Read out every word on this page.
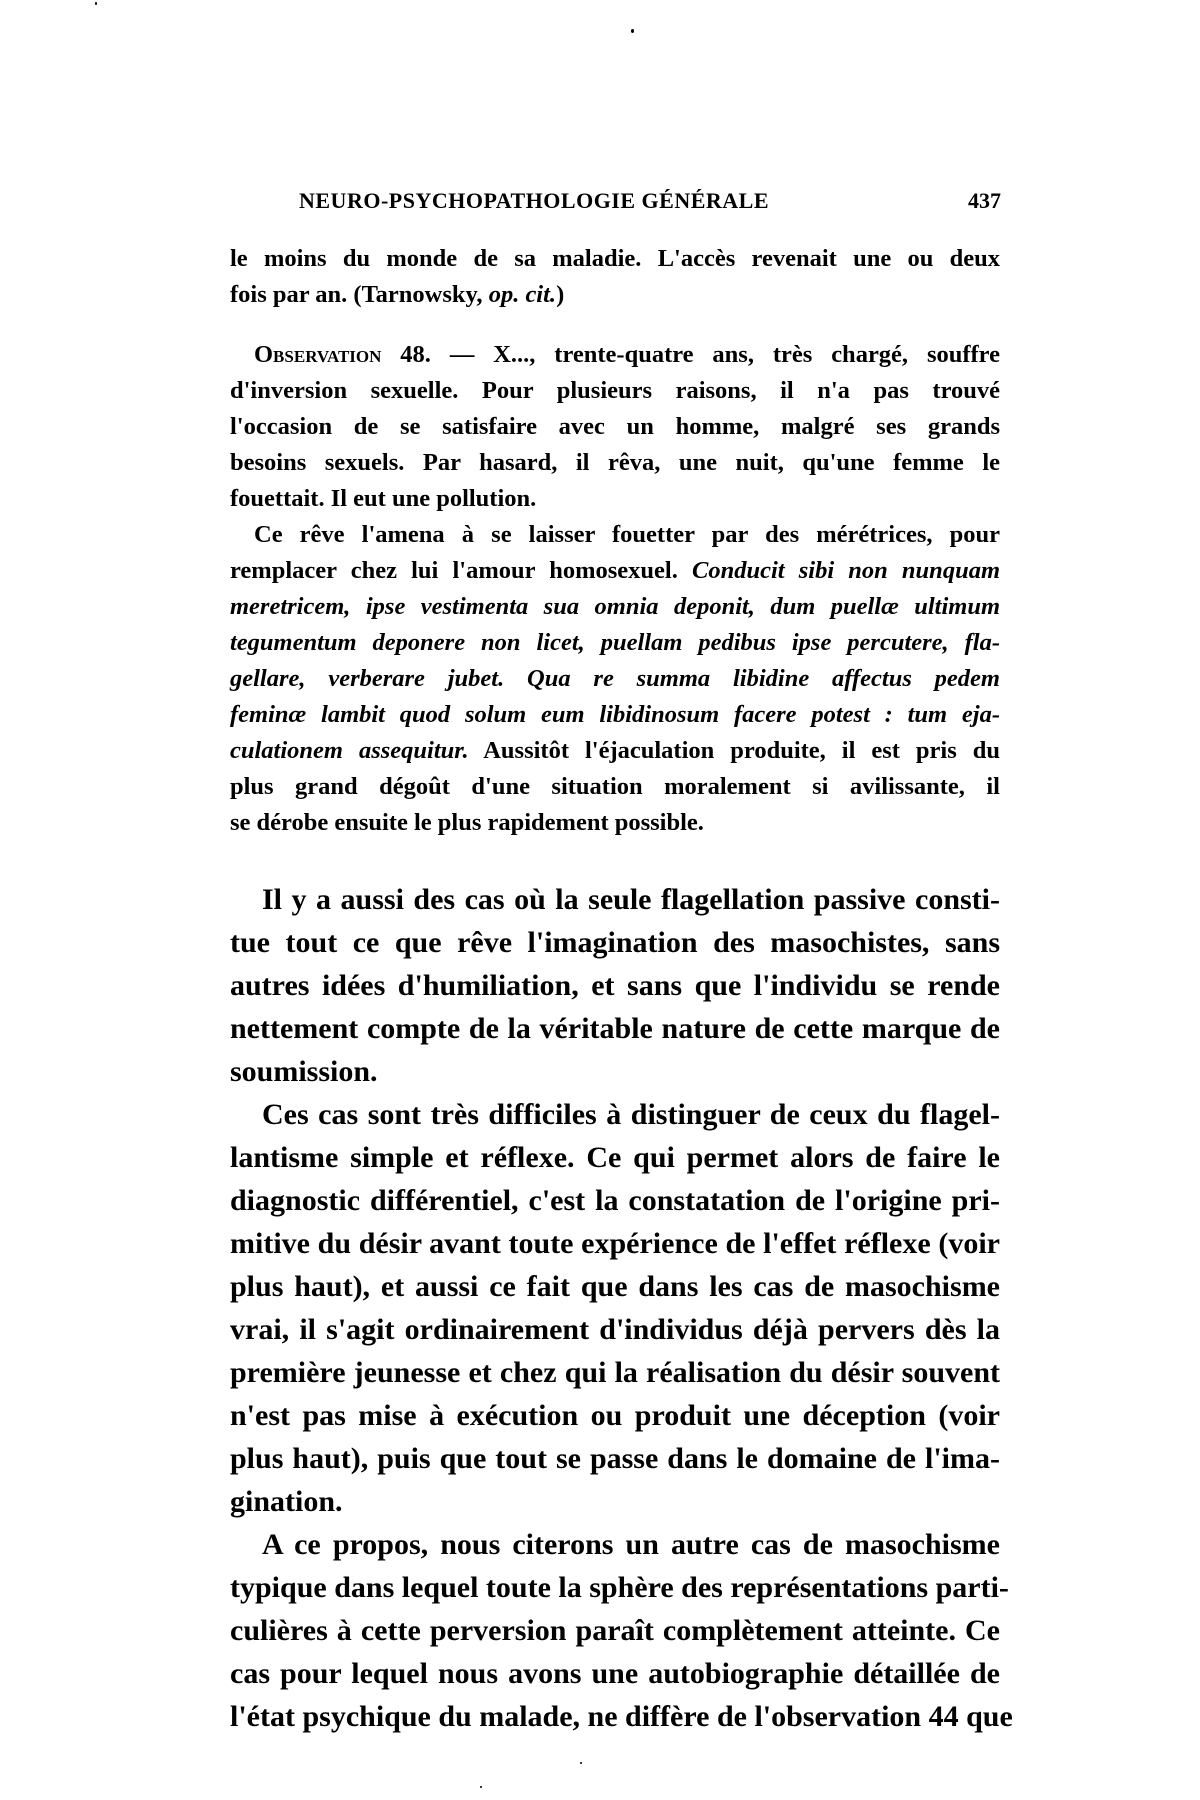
NEURO-PSYCHOPATHOLOGIE GÉNÉRALE	437
le moins du monde de sa maladie. L'accès revenait une ou deux
fois par an. (Tarnowsky, op. cit.)
Observation 48. — X..., trente-quatre ans, très chargé, souffre
d'inversion sexuelle. Pour plusieurs raisons, il n'a pas trouvé
l'occasion de se satisfaire avec un homme, malgré ses grands
besoins sexuels. Par hasard, il rêva, une nuit, qu'une femme le
fouettait. Il eut une pollution.
Ce rêve l'amena à se laisser fouetter par des mérétrices, pour
remplacer chez lui l'amour homosexuel. Conducit sibi non nunquam
meretricem, ipse vestimenta sua omnia deponit, dum puellæ ultimum
tegumentum deponere non licet, puellam pedibus ipse percutere, fla-
gellare, verberare jubet. Qua re summa libidine affectus pedem
feminæ lambit quod solum eum libidinosum facere potest : tum eja-
culationem assequitur. Aussitôt l'éjaculation produite, il est pris du
plus grand dégoût d'une situation moralement si avilissante, il
se dérobe ensuite le plus rapidement possible.
Il y a aussi des cas où la seule flagellation passive consti-
tue tout ce que rêve l'imagination des masochistes, sans
autres idées d'humiliation, et sans que l'individu se rende
nettement compte de la véritable nature de cette marque de
soumission.
Ces cas sont très difficiles à distinguer de ceux du flagel-
lantisme simple et réflexe. Ce qui permet alors de faire le
diagnostic différentiel, c'est la constatation de l'origine pri-
mitive du désir avant toute expérience de l'effet réflexe (voir
plus haut), et aussi ce fait que dans les cas de masochisme
vrai, il s'agit ordinairement d'individus déjà pervers dès la
première jeunesse et chez qui la réalisation du désir souvent
n'est pas mise à exécution ou produit une déception (voir
plus haut), puis que tout se passe dans le domaine de l'ima-
gination.
A ce propos, nous citerons un autre cas de masochisme
typique dans lequel toute la sphère des représentations parti-
culières à cette perversion paraît complètement atteinte. Ce
cas pour lequel nous avons une autobiographie détaillée de
l'état psychique du malade, ne diffère de l'observation 44 que
